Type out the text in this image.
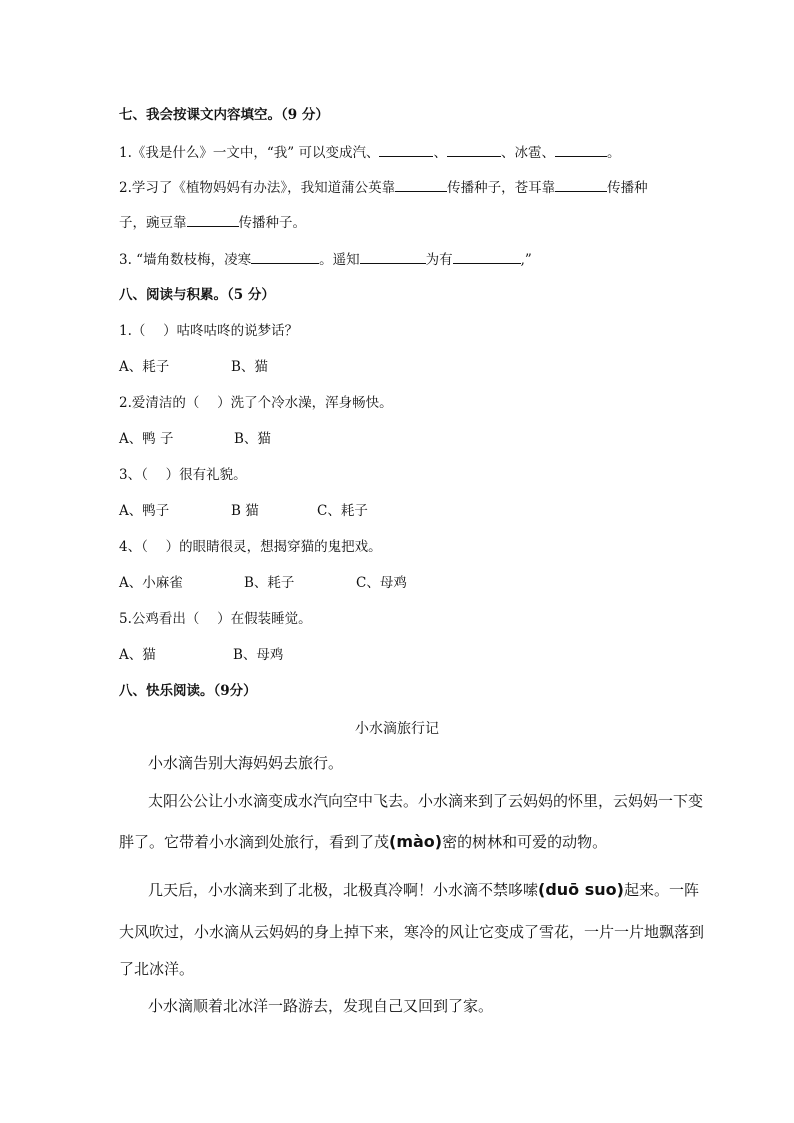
七、我会按课文内容填空。（9 分）
1.《我是什么》一文中，“我” 可以变成汽、	、	、冰雹、	。
2.学习了《植物妈妈有办法》，我知道蒲公英靠	传播种子，苍耳靠	传播种
子，豌豆靠	传播种子。
3. “墙角数枝梅，凌寒	。遥知	为有	,”
八、阅读与积累。（5 分）
1.（　 ）咕咚咕咚的说梦话？
A、耗子	B、猫
2.爱清洁的（　 ）洗了个冷水澡，浑身畅快。
A、鸭 子	B、猫
3、（　 ）很有礼貌。
A、鸭子	B 猫	C、耗子
4、（　 ）的眼睛很灵，想揭穿猫的鬼把戏。
A、小麻雀	B、耗子	C、母鸡
5.公鸡看出（　 ）在假装睡觉。
A、猫	B、母鸡
八、快乐阅读。（9分）
小水滴旅行记
小水滴告别大海妈妈去旅行。
太阳公公让小水滴变成水汽向空中飞去。小水滴来到了云妈妈的怀里，云妈妈一下变
胖了。它带着小水滴到处旅行，看到了茂(mào)密的树林和可爱的动物。
几天后，小水滴来到了北极，北极真冷啊！小水滴不禁哆嗦(duō suo)起来。一阵
大风吹过，小水滴从云妈妈的身上掉下来，寒冷的风让它变成了雪花，一片一片地飘落到
了北冰洋。
小水滴顺着北冰洋一路游去，发现自己又回到了家。
